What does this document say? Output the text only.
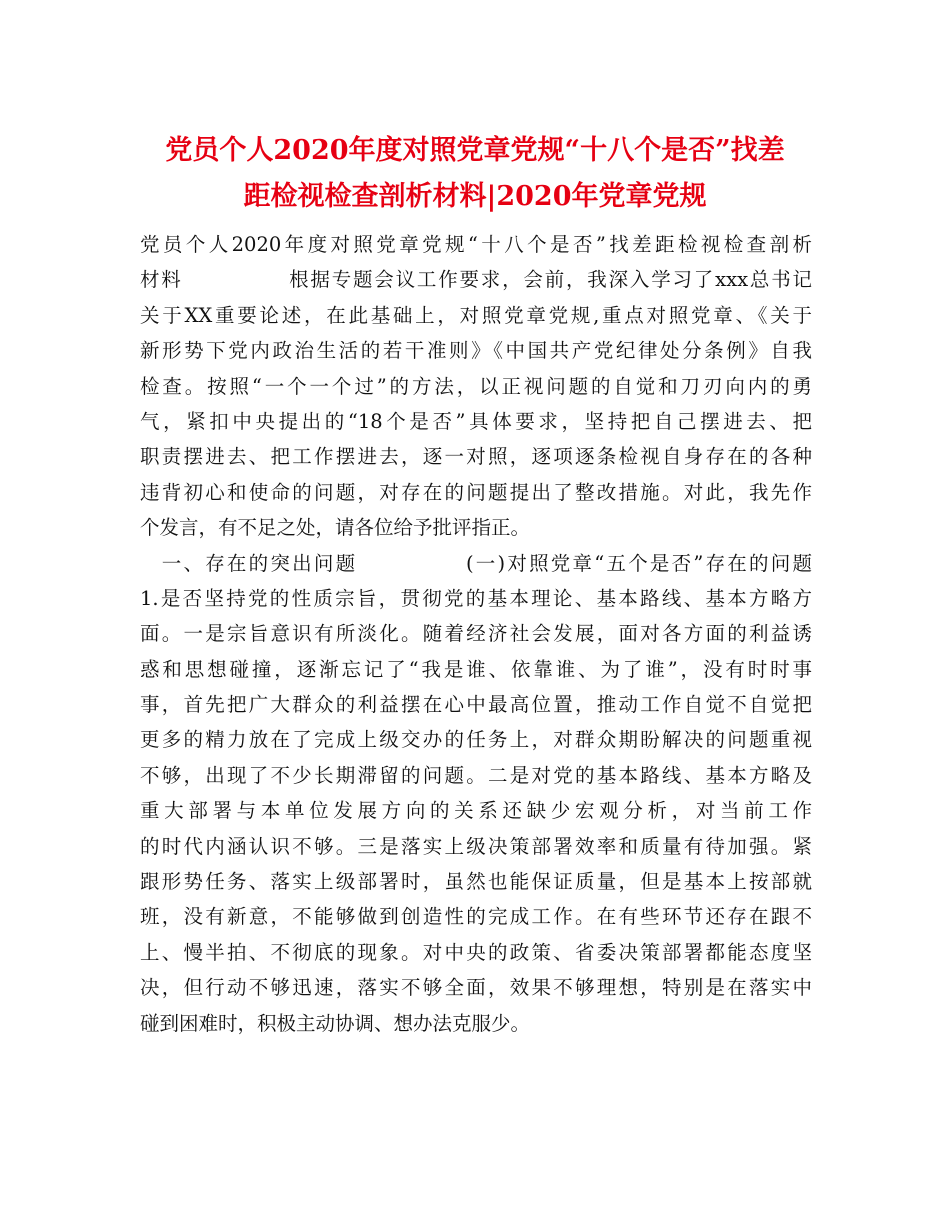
党员个人2020年度对照党章党规“十八个是否”找差
距检视检查剖析材料|2020年党章党规
党员个人2020年度对照党章党规“十八个是否”找差距检视检查剖析
材料　　　　　根据专题会议工作要求，会前，我深入学习了xxx总书记
关于XX重要论述，在此基础上，对照党章党规,重点对照党章、《关于
新形势下党内政治生活的若干准则》《中国共产党纪律处分条例》自我
检查。按照“一个一个过”的方法，以正视问题的自觉和刀刃向内的勇
气，紧扣中央提出的“18个是否”具体要求，坚持把自己摆进去、把
职责摆进去、把工作摆进去，逐一对照，逐项逐条检视自身存在的各种
违背初心和使命的问题，对存在的问题提出了整改措施。对此，我先作
个发言，有不足之处，请各位给予批评指正。
　一、存在的突出问题　　　　　(一)对照党章“五个是否”存在的问题
1.是否坚持党的性质宗旨，贯彻党的基本理论、基本路线、基本方略方
面。一是宗旨意识有所淡化。随着经济社会发展，面对各方面的利益诱
惑和思想碰撞，逐渐忘记了“我是谁、依靠谁、为了谁”，没有时时事
事，首先把广大群众的利益摆在心中最高位置，推动工作自觉不自觉把
更多的精力放在了完成上级交办的任务上，对群众期盼解决的问题重视
不够，出现了不少长期滞留的问题。二是对党的基本路线、基本方略及
重大部署与本单位发展方向的关系还缺少宏观分析，对当前工作
的时代内涵认识不够。三是落实上级决策部署效率和质量有待加强。紧
跟形势任务、落实上级部署时，虽然也能保证质量，但是基本上按部就
班，没有新意，不能够做到创造性的完成工作。在有些环节还存在跟不
上、慢半拍、不彻底的现象。对中央的政策、省委决策部署都能态度坚
决，但行动不够迅速，落实不够全面，效果不够理想，特别是在落实中
碰到困难时，积极主动协调、想办法克服少。
